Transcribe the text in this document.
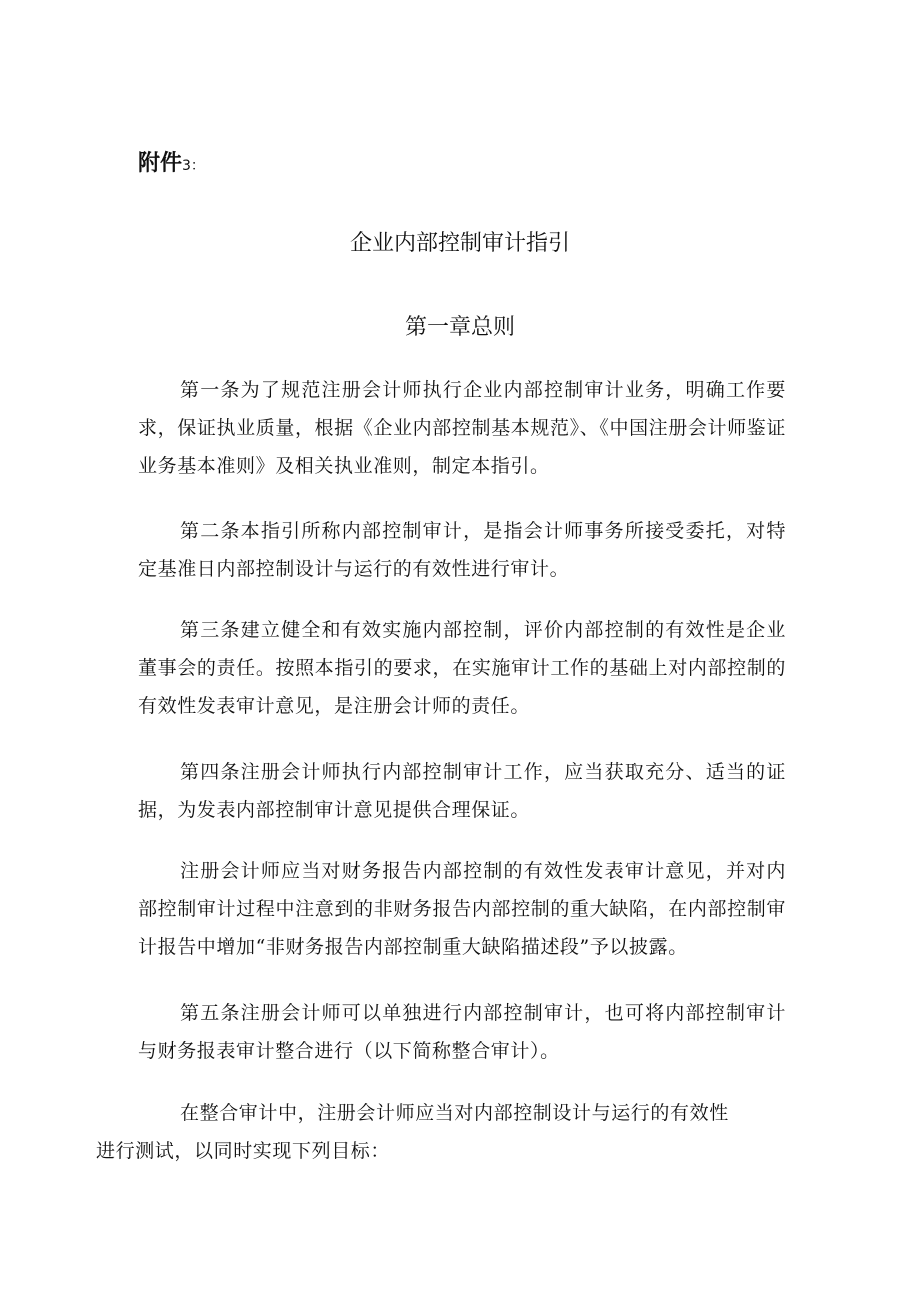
附件3：
企业内部控制审计指引
第一章总则

第一条为了规范注册会计师执行企业内部控制审计业务，明确工作要求，保证执业质量，根据《企业内部控制基本规范》、《中国注册会计师鉴证业务基本准则》及相关执业准则，制定本指引。

第二条本指引所称内部控制审计，是指会计师事务所接受委托，对特定基准日内部控制设计与运行的有效性进行审计。

第三条建立健全和有效实施内部控制，评价内部控制的有效性是企业董事会的责任。按照本指引的要求，在实施审计工作的基础上对内部控制的有效性发表审计意见，是注册会计师的责任。

第四条注册会计师执行内部控制审计工作，应当获取充分、适当的证据，为发表内部控制审计意见提供合理保证。

注册会计师应当对财务报告内部控制的有效性发表审计意见，并对内部控制审计过程中注意到的非财务报告内部控制的重大缺陷，在内部控制审计报告中增加“非财务报告内部控制重大缺陷描述段”予以披露。

第五条注册会计师可以单独进行内部控制审计，也可将内部控制审计与财务报表审计整合进行（以下简称整合审计）。

在整合审计中，注册会计师应当对内部控制设计与运行的有效性
进行测试，以同时实现下列目标：
